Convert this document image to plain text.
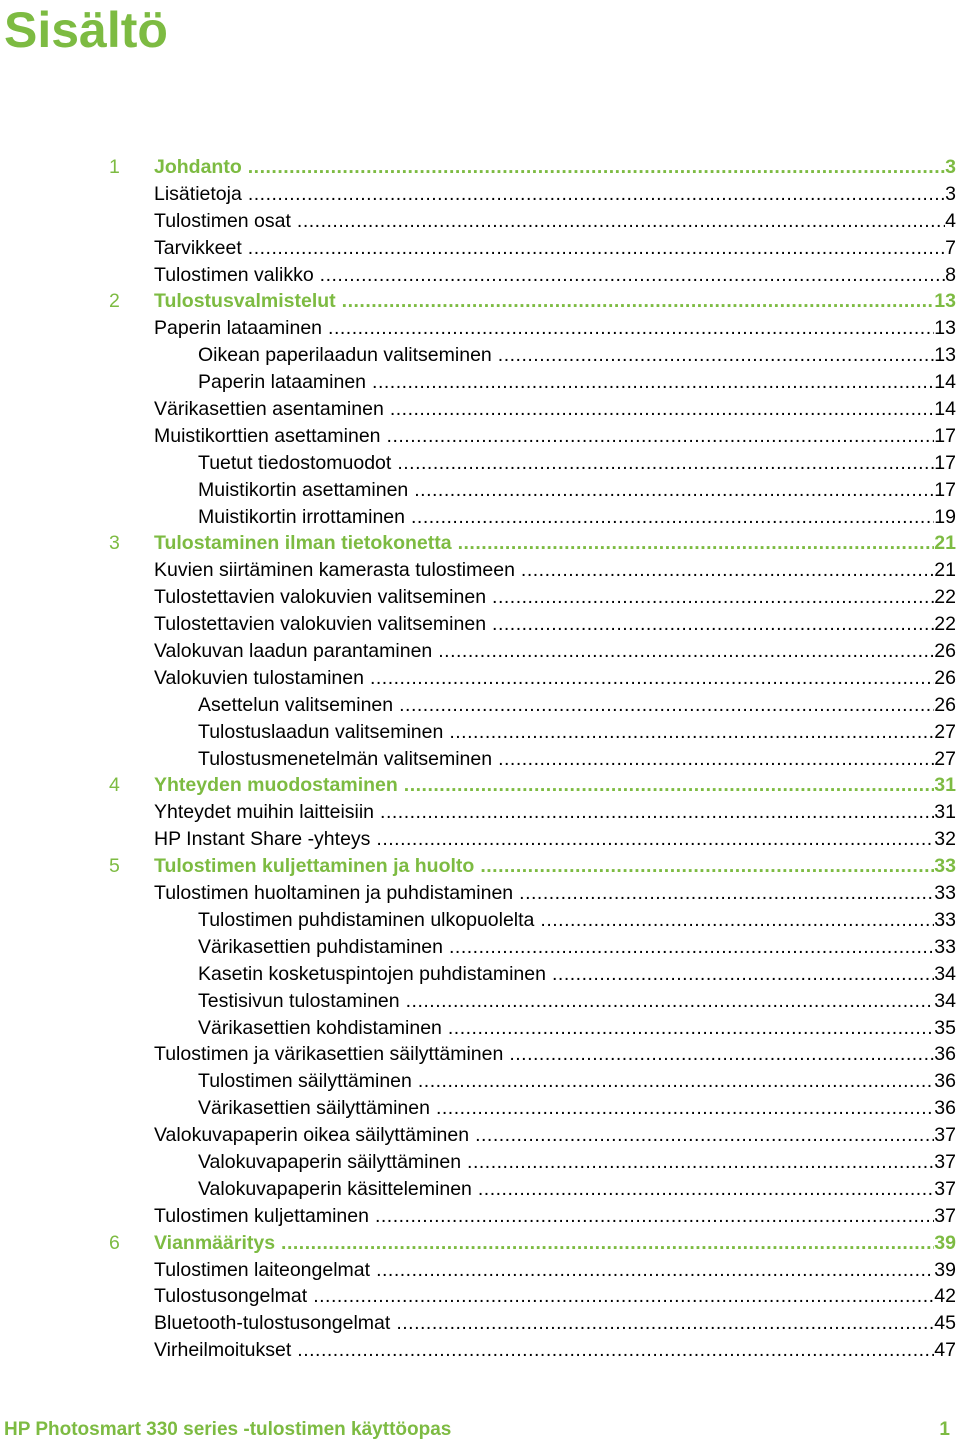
Sisältö
1 Johdanto .....	3
Lisätietoja .....	3
Tulostimen osat .....	4
Tarvikkeet .....	7
Tulostimen valikko .....	8
2 Tulostusvalmistelut .....	13
Paperin lataaminen .....	13
Oikean paperilaadun valitseminen .....	13
Paperin lataaminen .....	14
Värikasettien asentaminen .....	14
Muistikorttien asettaminen .....	17
Tuetut tiedostomuodot .....	17
Muistikortin asettaminen .....	17
Muistikortin irrottaminen .....	19
3 Tulostaminen ilman tietokonetta .....	21
Kuvien siirtäminen kamerasta tulostimeen .....	21
Tulostettavien valokuvien valitseminen .....	22
Tulostettavien valokuvien valitseminen .....	22
Valokuvan laadun parantaminen .....	26
Valokuvien tulostaminen .....	26
Asettelun valitseminen .....	26
Tulostuslaadun valitseminen .....	27
Tulostusmenetelmän valitseminen .....	27
4 Yhteyden muodostaminen .....	31
Yhteydet muihin laitteisiin .....	31
HP Instant Share -yhteys .....	32
5 Tulostimen kuljettaminen ja huolto .....	33
Tulostimen huoltaminen ja puhdistaminen .....	33
Tulostimen puhdistaminen ulkopuolelta .....	33
Värikasettien puhdistaminen .....	33
Kasetin kosketuspintojen puhdistaminen .....	34
Testisivun tulostaminen .....	34
Värikasettien kohdistaminen .....	35
Tulostimen ja värikasettien säilyttäminen .....	36
Tulostimen säilyttäminen .....	36
Värikasettien säilyttäminen .....	36
Valokuvapaperin oikea säilyttäminen .....	37
Valokuvapaperin säilyttäminen .....	37
Valokuvapaperin käsitteleminen .....	37
Tulostimen kuljettaminen .....	37
6 Vianmääritys .....	39
Tulostimen laiteongelmat .....	39
Tulostusongelmat .....	42
Bluetooth-tulostusongelmat .....	45
Virheilmoitukset .....	47
HP Photosmart 330 series -tulostimen käyttöopas	1
